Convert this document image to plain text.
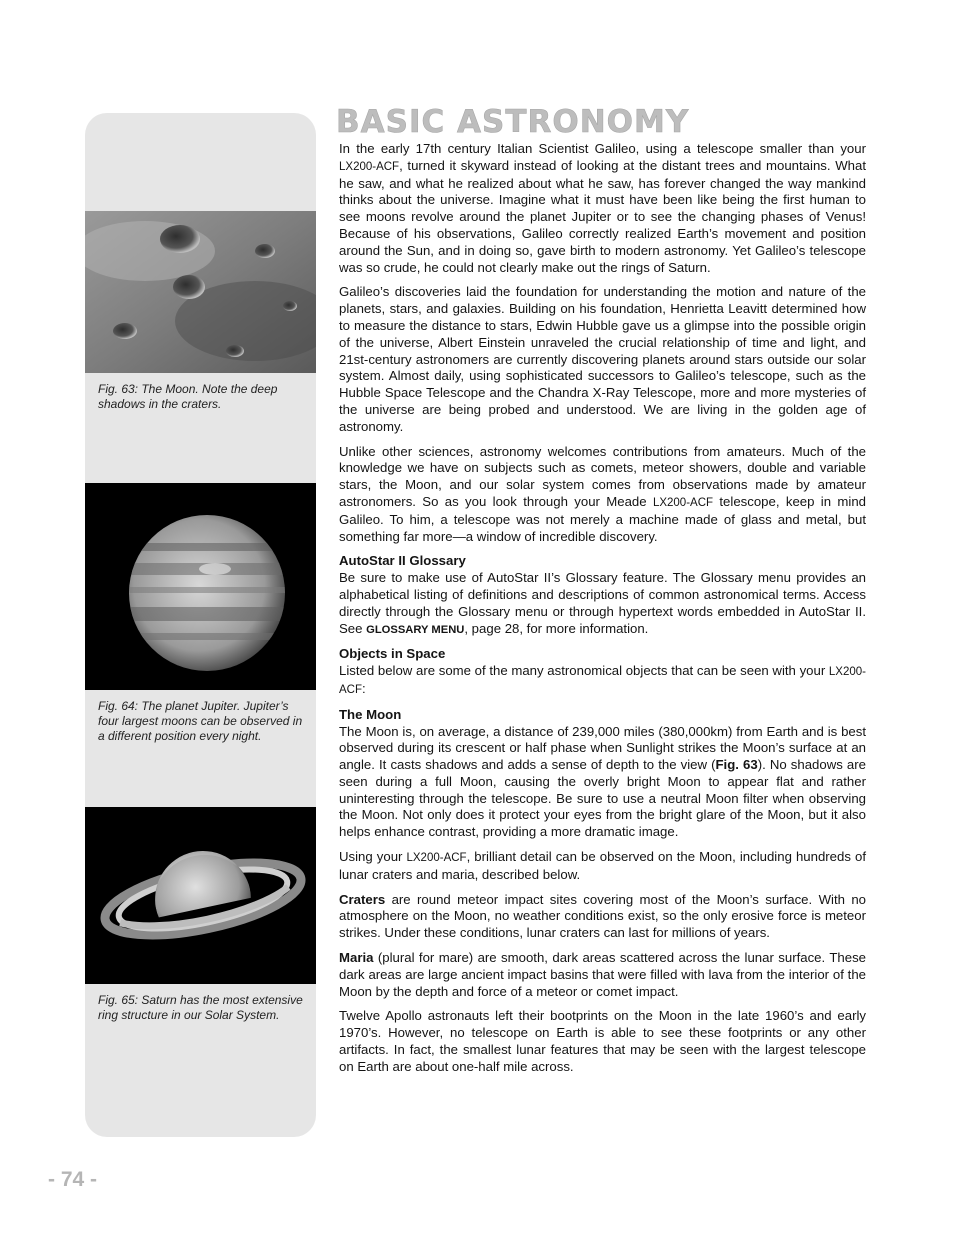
Fig. 63: The Moon. Note the deep shadows in the craters.
Fig. 64: The planet Jupiter. Jupiter’s four largest moons can be observed in a different position every night.
Fig. 65: Saturn has the most extensive ring structure in our Solar System.
BASIC ASTRONOMY

In the early 17th century Italian Scientist Galileo, using a telescope smaller than your LX200-ACF, turned it skyward instead of looking at the distant trees and mountains. What he saw, and what he realized about what he saw, has forever changed the way mankind thinks about the universe. Imagine what it must have been like being the first human to see moons revolve around the planet Jupiter or to see the changing phases of Venus! Because of his observations, Galileo correctly realized Earth’s movement and position around the Sun, and in doing so, gave birth to modern astronomy. Yet Galileo’s telescope was so crude, he could not clearly make out the rings of Saturn.

Galileo’s discoveries laid the foundation for understanding the motion and nature of the planets, stars, and galaxies. Building on his foundation, Henrietta Leavitt determined how to measure the distance to stars, Edwin Hubble gave us a glimpse into the possible origin of the universe, Albert Einstein unraveled the crucial relationship of time and light, and 21st-century astronomers are currently discovering planets around stars outside our solar system. Almost daily, using sophisticated successors to Galileo’s telescope, such as the Hubble Space Telescope and the Chandra X-Ray Telescope, more and more mysteries of the universe are being probed and understood. We are living in the golden age of astronomy.

Unlike other sciences, astronomy welcomes contributions from amateurs. Much of the knowledge we have on subjects such as comets, meteor showers, double and variable stars, the Moon, and our solar system comes from observations made by amateur astronomers. So as you look through your Meade LX200-ACF telescope, keep in mind Galileo. To him, a telescope was not merely a machine made of glass and metal, but something far more—a window of incredible discovery.

AutoStar II Glossary

Be sure to make use of AutoStar II’s Glossary feature. The Glossary menu provides an alphabetical listing of definitions and descriptions of common astronomical terms. Access directly through the Glossary menu or through hypertext words embedded in AutoStar II. See GLOSSARY MENU, page 28, for more information.

Objects in Space

Listed below are some of the many astronomical objects that can be seen with your LX200-ACF:

The Moon

The Moon is, on average, a distance of 239,000 miles (380,000km) from Earth and is best observed during its crescent or half phase when Sunlight strikes the Moon’s surface at an angle. It casts shadows and adds a sense of depth to the view (Fig. 63). No shadows are seen during a full Moon, causing the overly bright Moon to appear flat and rather uninteresting through the telescope. Be sure to use a neutral Moon filter when observing the Moon. Not only does it protect your eyes from the bright glare of the Moon, but it also helps enhance contrast, providing a more dramatic image.

Using your LX200-ACF, brilliant detail can be observed on the Moon, including hundreds of lunar craters and maria, described below.

Craters are round meteor impact sites covering most of the Moon’s surface. With no atmosphere on the Moon, no weather conditions exist, so the only erosive force is meteor strikes. Under these conditions, lunar craters can last for millions of years.

Maria (plural for mare) are smooth, dark areas scattered across the lunar surface. These dark areas are large ancient impact basins that were filled with lava from the interior of the Moon by the depth and force of a meteor or comet impact.

Twelve Apollo astronauts left their bootprints on the Moon in the late 1960’s and early 1970’s. However, no telescope on Earth is able to see these footprints or any other artifacts. In fact, the smallest lunar features that may be seen with the largest telescope on Earth are about one-half mile across.

- 74 -
